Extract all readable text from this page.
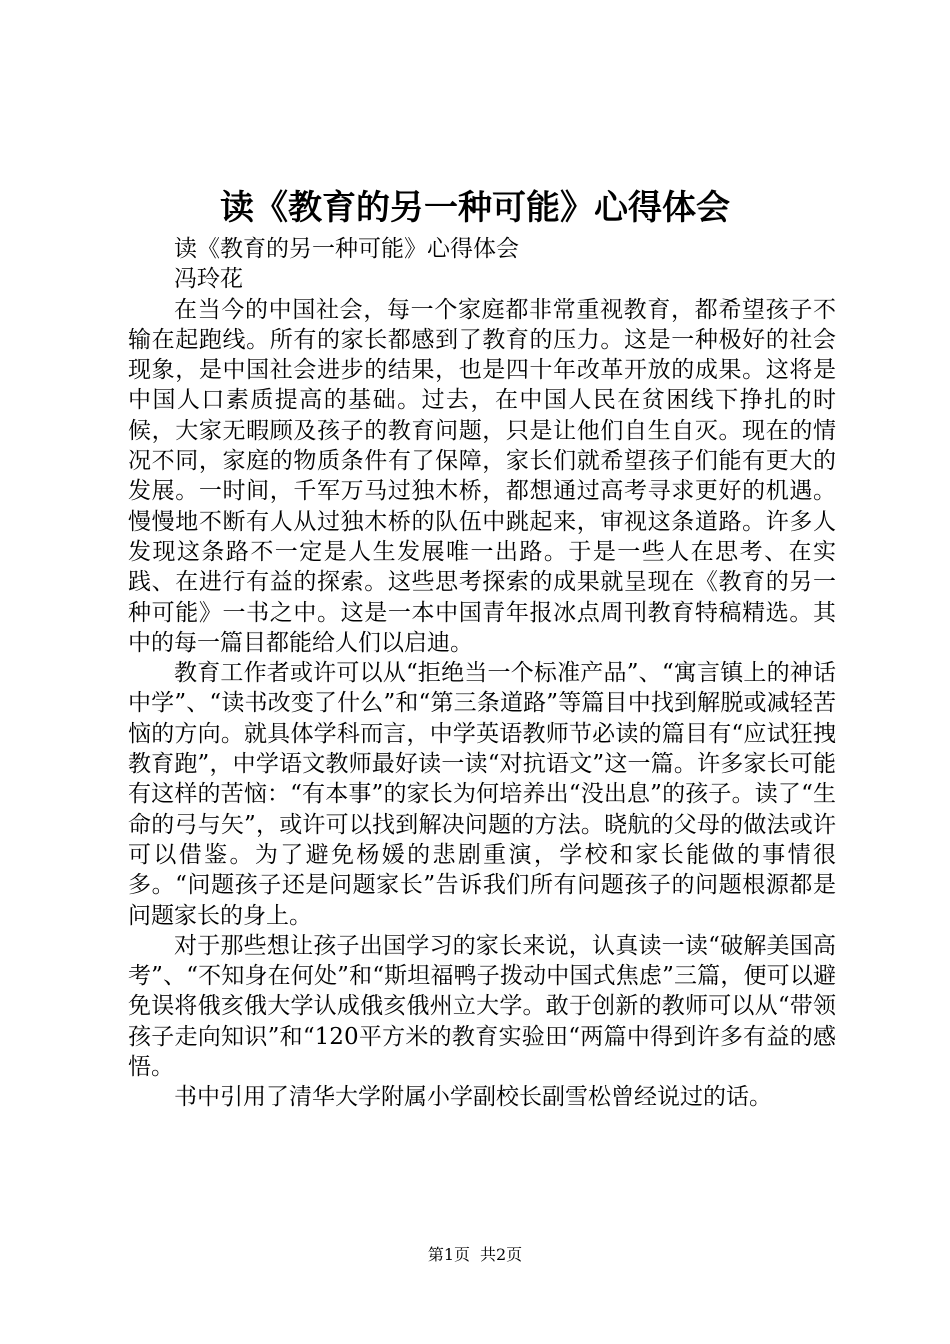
读《教育的另一种可能》心得体会

读《教育的另一种可能》心得体会

冯玲花

在当今的中国社会，每一个家庭都非常重视教育，都希望孩子不输在起跑线。所有的家长都感到了教育的压力。这是一种极好的社会现象，是中国社会进步的结果，也是四十年改革开放的成果。这将是中国人口素质提高的基础。过去，在中国人民在贫困线下挣扎的时候，大家无暇顾及孩子的教育问题，只是让他们自生自灭。现在的情况不同，家庭的物质条件有了保障，家长们就希望孩子们能有更大的发展。一时间，千军万马过独木桥，都想通过高考寻求更好的机遇。慢慢地不断有人从过独木桥的队伍中跳起来，审视这条道路。许多人发现这条路不一定是人生发展唯一出路。于是一些人在思考、在实践、在进行有益的探索。这些思考探索的成果就呈现在《教育的另一种可能》一书之中。这是一本中国青年报冰点周刊教育特稿精选。其中的每一篇目都能给人们以启迪。

教育工作者或许可以从“拒绝当一个标准产品”、“寓言镇上的神话中学”、“读书改变了什么”和“第三条道路”等篇目中找到解脱或减轻苦恼的方向。就具体学科而言，中学英语教师节必读的篇目有“应试狂拽教育跑”，中学语文教师最好读一读“对抗语文”这一篇。许多家长可能有这样的苦恼：“有本事”的家长为何培养出“没出息”的孩子。读了“生命的弓与矢”，或许可以找到解决问题的方法。晓航的父母的做法或许可以借鉴。为了避免杨媛的悲剧重演，学校和家长能做的事情很多。“问题孩子还是问题家长”告诉我们所有问题孩子的问题根源都是问题家长的身上。

对于那些想让孩子出国学习的家长来说，认真读一读“破解美国高考”、“不知身在何处”和“斯坦福鸭子拨动中国式焦虑”三篇，便可以避免误将俄亥俄大学认成俄亥俄州立大学。敢于创新的教师可以从“带领孩子走向知识”和“120平方米的教育实验田“两篇中得到许多有益的感悟。

书中引用了清华大学附属小学副校长副雪松曾经说过的话。

第1页 共2页
